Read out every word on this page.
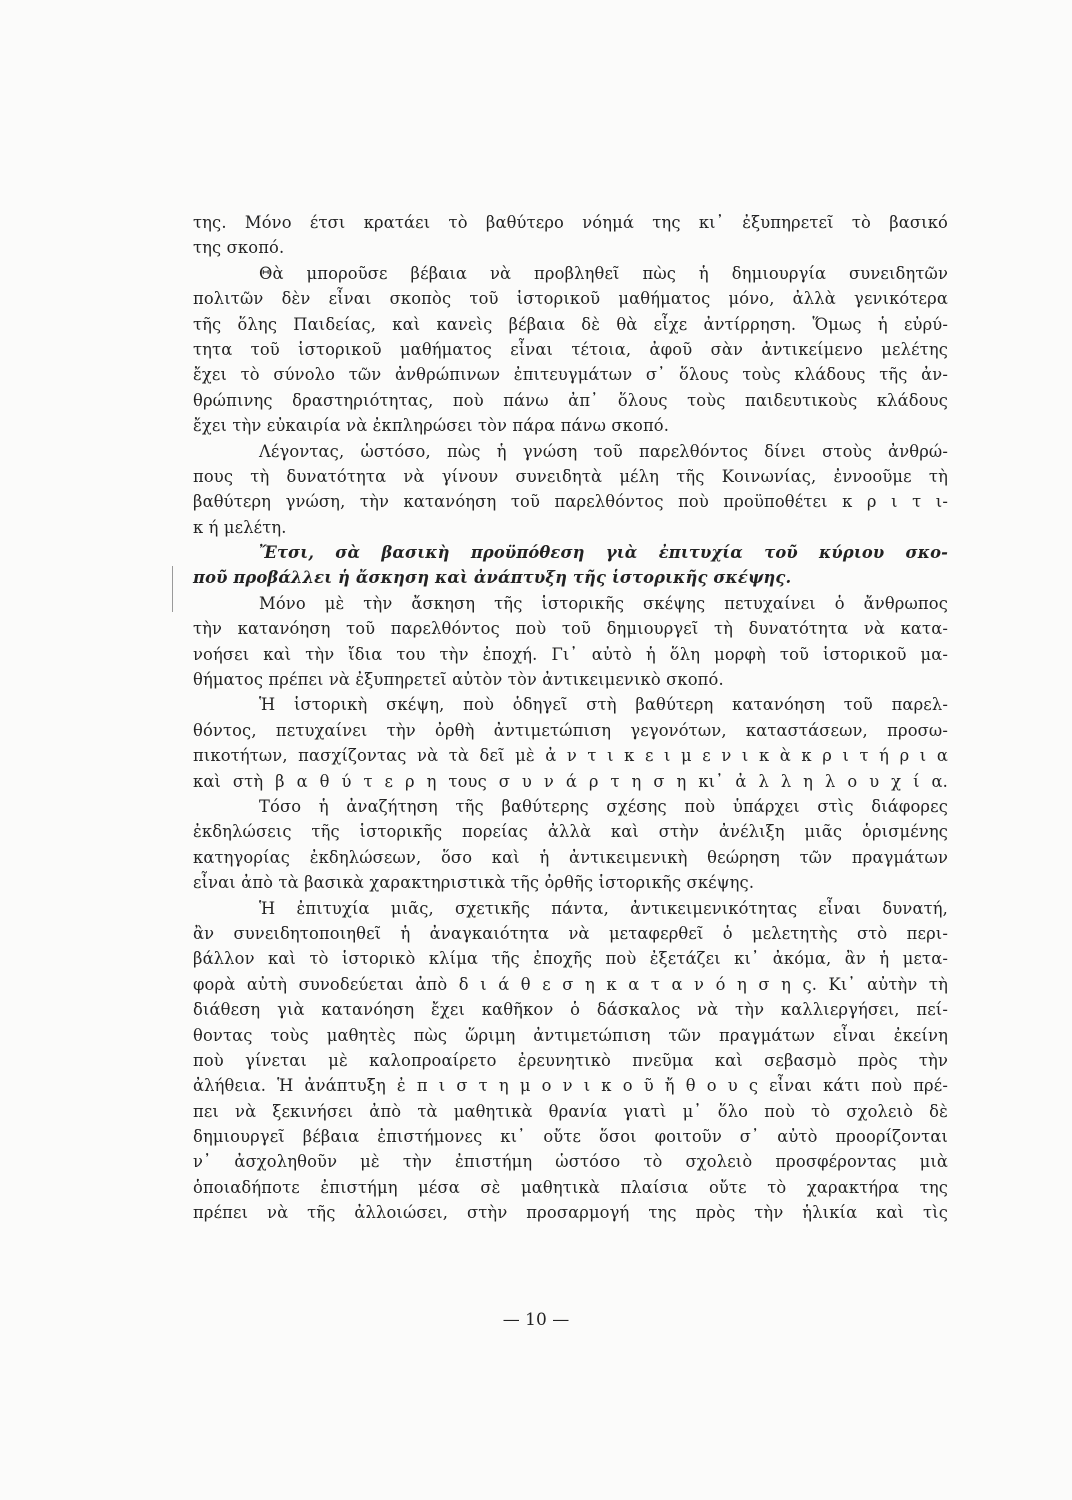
της. Μόνο έτσι κρατάει τὸ βαθύτερο νόημά της κι᾿ ἐξυπηρετεῖ τὸ βασικό
της σκοπό.
Θὰ μποροῦσε βέβαια νὰ προβληθεῖ πὼς ἡ δημιουργία συνειδητῶν
πολιτῶν δὲν εἶναι σκοπὸς τοῦ ἱστορικοῦ μαθήματος μόνο, ἀλλὰ γενικότερα
τῆς ὅλης Παιδείας, καὶ κανεὶς βέβαια δὲ θὰ εἶχε ἀντίρρηση. Ὅμως ἡ εὐρύ-
τητα τοῦ ἱστορικοῦ μαθήματος εἶναι τέτοια, ἀφοῦ σὰν ἀντικείμενο μελέτης
ἔχει τὸ σύνολο τῶν ἀνθρώπινων ἐπιτευγμάτων σ᾿ ὅλους τοὺς κλάδους τῆς ἀν-
θρώπινης δραστηριότητας, ποὺ πάνω ἀπ᾿ ὅλους τοὺς παιδευτικοὺς κλάδους
ἔχει τὴν εὐκαιρία νὰ ἐκπληρώσει τὸν πάρα πάνω σκοπό.
Λέγοντας, ὡστόσο, πὼς ἡ γνώση τοῦ παρελθόντος δίνει στοὺς ἀνθρώ-
πους τὴ δυνατότητα νὰ γίνουν συνειδητὰ μέλη τῆς Κοινωνίας, ἐννοοῦμε τὴ
βαθύτερη γνώση, τὴν κατανόηση τοῦ παρελθόντος ποὺ προϋποθέτει κ ρ ι τ ι-
κ ή μελέτη.
Ἔτσι, σὰ βασικὴ προϋπόθεση γιὰ ἐπιτυχία τοῦ κύριου σκο-
ποῦ προβάλλει ἡ ἄσκηση καὶ ἀνάπτυξη τῆς ἱστορικῆς σκέψης.
Μόνο μὲ τὴν ἄσκηση τῆς ἱστορικῆς σκέψης πετυχαίνει ὁ ἄνθρωπος
τὴν κατανόηση τοῦ παρελθόντος ποὺ τοῦ δημιουργεῖ τὴ δυνατότητα νὰ κατα-
νοήσει καὶ τὴν ἴδια του τὴν ἐποχή. Γι᾿ αὐτὸ ἡ ὅλη μορφὴ τοῦ ἱστορικοῦ μα-
θήματος πρέπει νὰ ἐξυπηρετεῖ αὐτὸν τὸν ἀντικειμενικὸ σκοπό.
Ἡ ἱστορικὴ σκέψη, ποὺ ὁδηγεῖ στὴ βαθύτερη κατανόηση τοῦ παρελ-
θόντος, πετυχαίνει τὴν ὀρθὴ ἀντιμετώπιση γεγονότων, καταστάσεων, προσω-
πικοτήτων, πασχίζοντας νὰ τὰ δεῖ μὲ ἀ ν τ ι κ ε ι μ ε ν ι κ ὰ κ ρ ι τ ή ρ ι α
καὶ στὴ β α θ ύ τ ε ρ η τους σ υ ν ά ρ τ η σ η κι᾿ ἀ λ λ η λ ο υ χ ί α.
Τόσο ἡ ἀναζήτηση τῆς βαθύτερης σχέσης ποὺ ὑπάρχει στὶς διάφορες
ἐκδηλώσεις τῆς ἱστορικῆς πορείας ἀλλὰ καὶ στὴν ἀνέλιξη μιᾶς ὁρισμένης
κατηγορίας ἐκδηλώσεων, ὅσο καὶ ἡ ἀντικειμενικὴ θεώρηση τῶν πραγμάτων
εἶναι ἀπὸ τὰ βασικὰ χαρακτηριστικὰ τῆς ὀρθῆς ἱστορικῆς σκέψης.
Ἡ ἐπιτυχία μιᾶς, σχετικῆς πάντα, ἀντικειμενικότητας εἶναι δυνατή,
ἂν συνειδητοποιηθεῖ ἡ ἀναγκαιότητα νὰ μεταφερθεῖ ὁ μελετητὴς στὸ περι-
βάλλον καὶ τὸ ἱστορικὸ κλίμα τῆς ἐποχῆς ποὺ ἐξετάζει κι᾿ ἀκόμα, ἂν ἡ μετα-
φορὰ αὐτὴ συνοδεύεται ἀπὸ δ ι ά θ ε σ η κ α τ α ν ό η σ η ς. Κι᾿ αὐτὴν τὴ
διάθεση γιὰ κατανόηση ἔχει καθῆκον ὁ δάσκαλος νὰ τὴν καλλιεργήσει, πεί-
θοντας τοὺς μαθητὲς πὼς ὥριμη ἀντιμετώπιση τῶν πραγμάτων εἶναι ἐκείνη
ποὺ γίνεται μὲ καλοπροαίρετο ἐρευνητικὸ πνεῦμα καὶ σεβασμὸ πρὸς τὴν
ἀλήθεια. Ἡ ἀνάπτυξη ἐ π ι σ τ η μ ο ν ι κ ο ῦ ἤ θ ο υ ς εἶναι κάτι ποὺ πρέ-
πει νὰ ξεκινήσει ἀπὸ τὰ μαθητικὰ θρανία γιατὶ μ᾿ ὅλο ποὺ τὸ σχολειὸ δὲ
δημιουργεῖ βέβαια ἐπιστήμονες κι᾿ οὔτε ὅσοι φοιτοῦν σ᾿ αὐτὸ προορίζονται
ν᾿ ἀσχοληθοῦν μὲ τὴν ἐπιστήμη ὡστόσο τὸ σχολειὸ προσφέροντας μιὰ
ὁποιαδήποτε ἐπιστήμη μέσα σὲ μαθητικὰ πλαίσια οὔτε τὸ χαρακτήρα της
πρέπει νὰ τῆς ἀλλοιώσει, στὴν προσαρμογή της πρὸς τὴν ἡλικία καὶ τὶς
— 10 —
